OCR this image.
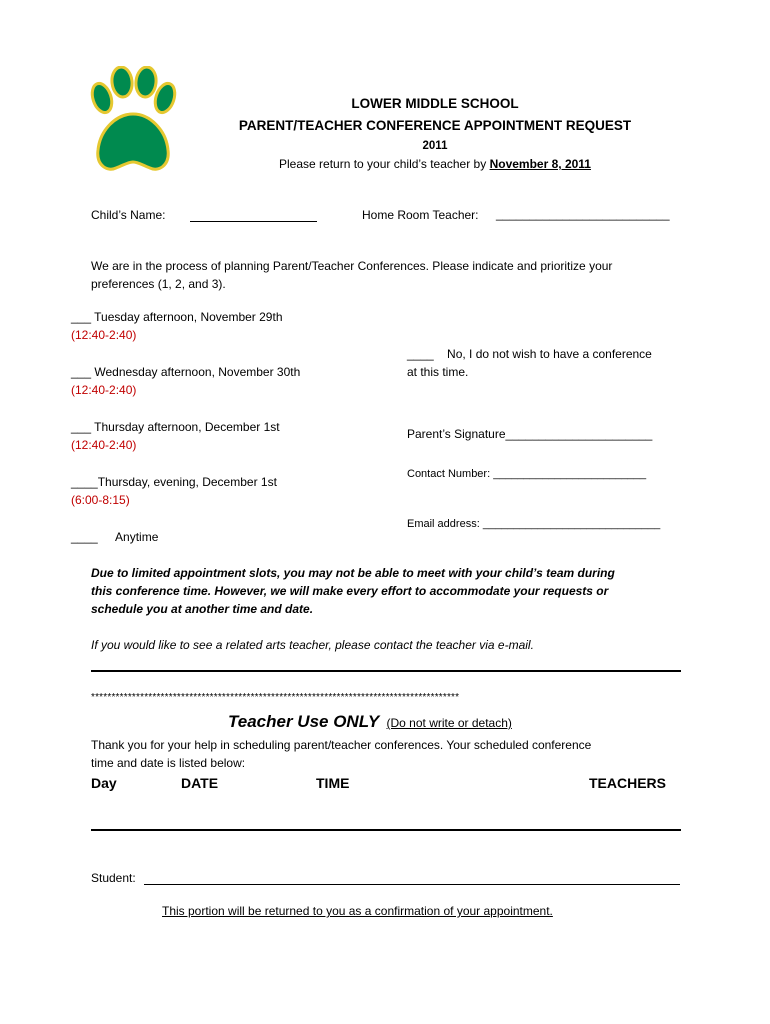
LOWER MIDDLE SCHOOL
PARENT/TEACHER CONFERENCE APPOINTMENT REQUEST
2011
Please return to your child’s teacher by November 8, 2011
Child’s Name:	Home Room Teacher: __________________________
We are in the process of planning Parent/Teacher Conferences. Please indicate and prioritize your
preferences (1, 2, and 3).
___ Tuesday afternoon, November 29th
(12:40-2:40)
___ Wednesday afternoon, November 30th
(12:40-2:40)
___ Thursday afternoon, December 1st
(12:40-2:40)
____Thursday, evening, December 1st
(6:00-8:15)
____ Anytime
____ No, I do not wish to have a conference
at this time.
Parent’s Signature______________________
Contact Number: _________________________
Email address: _____________________________
Due to limited appointment slots, you may not be able to meet with your child’s team during
this conference time. However, we will make every effort to accommodate your requests or
schedule you at another time and date.
If you would like to see a related arts teacher, please contact the teacher via e-mail.
******************************************************************************************
Teacher Use ONLY (Do not write or detach)
Thank you for your help in scheduling parent/teacher conferences. Your scheduled conference
time and date is listed below:
Day	DATE	TIME	TEACHERS
Student:
This portion will be returned to you as a confirmation of your appointment.
